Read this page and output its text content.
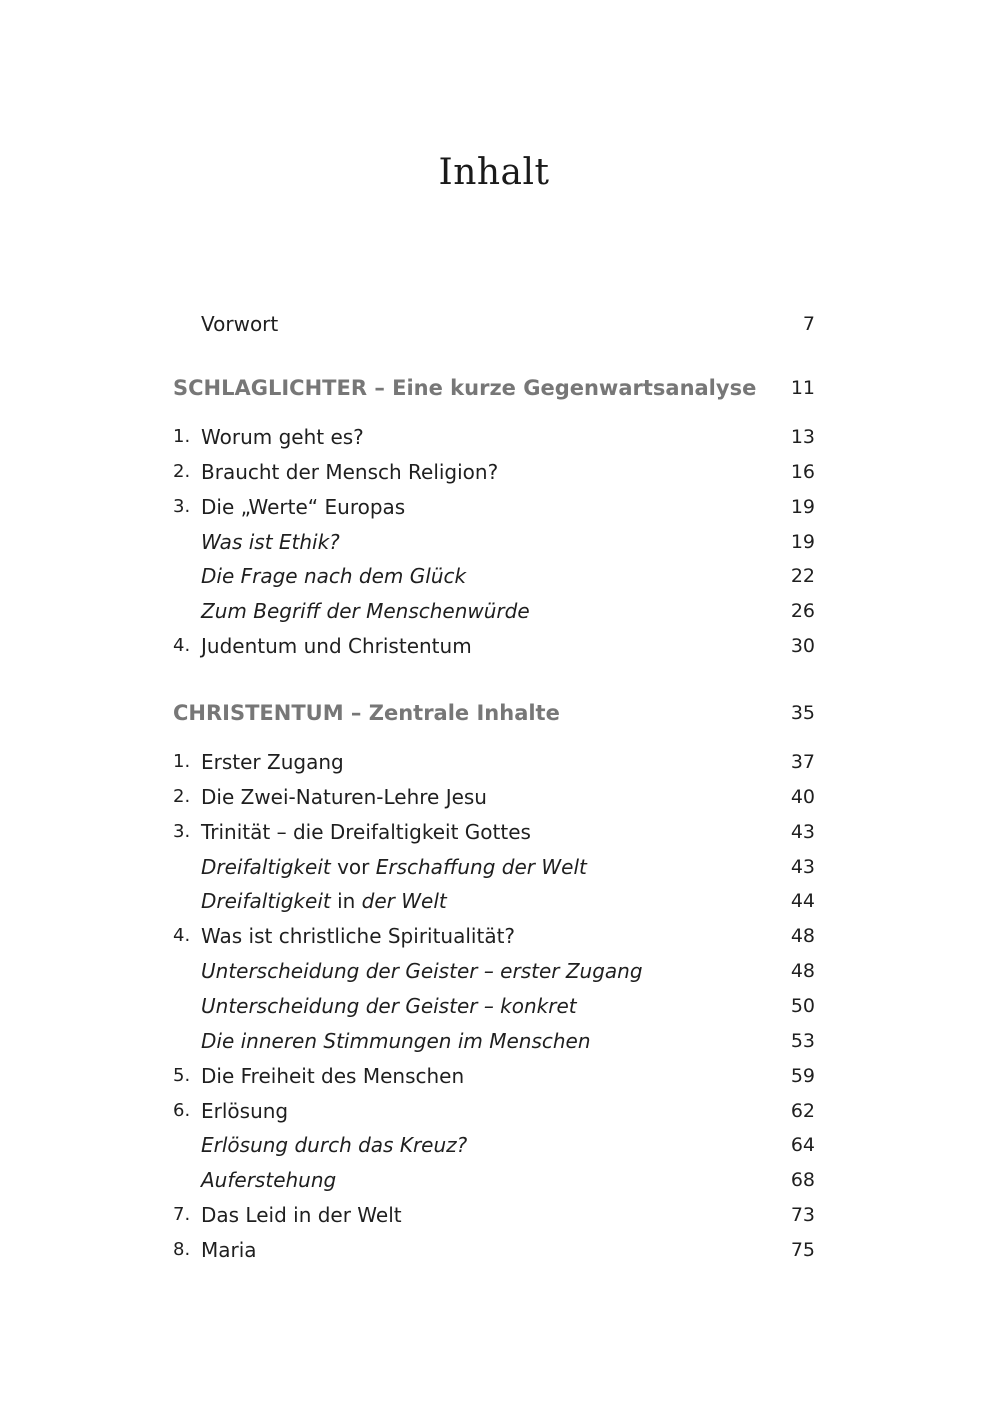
Inhalt
Vorwort	7
SCHLAGLICHTER – Eine kurze Gegenwartsanalyse 11
1. Worum geht es?	13
2. Braucht der Mensch Religion?	16
3. Die „Werte“ Europas	19
Was ist Ethik?	19
Die Frage nach dem Glück	22
Zum Begriff der Menschenwürde	26
4. Judentum und Christentum	30
CHRISTENTUM – Zentrale Inhalte	35
1. Erster Zugang	37
2. Die Zwei-Naturen-Lehre Jesu	40
3. Trinität – die Dreifaltigkeit Gottes	43
Dreifaltigkeit vor Erschaffung der Welt	43
Dreifaltigkeit in der Welt	44
4. Was ist christliche Spiritualität?	48
Unterscheidung der Geister – erster Zugang	48
Unterscheidung der Geister – konkret	50
Die inneren Stimmungen im Menschen	53
5. Die Freiheit des Menschen	59
6. Erlösung	62
Erlösung durch das Kreuz?	64
Auferstehung	68
7. Das Leid in der Welt	73
8. Maria	75
